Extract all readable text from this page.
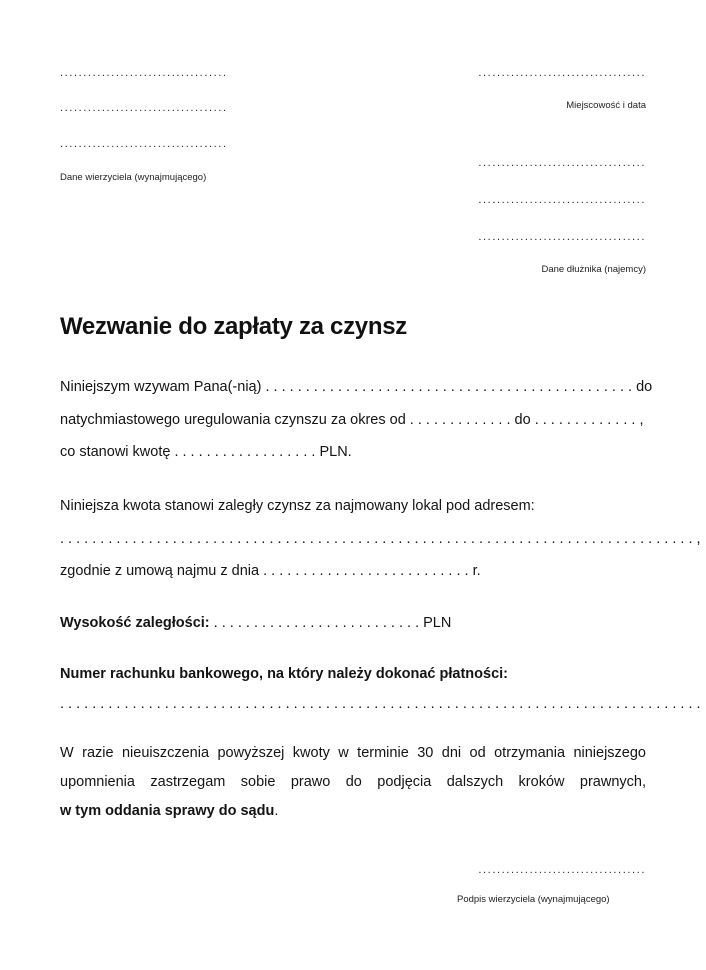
....................................
....................................
....................................
Dane wierzyciela (wynajmującego)
....................................
Miejscowość i data
....................................
....................................
....................................
Dane dłużnika (najemcy)
Wezwanie do zapłaty za czynsz
Niniejszym wzywam Pana(-nią) . . . . . . . . . . . . . . . . . . . . . . . . . . . . . . . . . . . . . . . . . . . . . . do
natychmiastowego uregulowania czynszu za okres od . . . . . . . . . . . . . do . . . . . . . . . . . . . ,
co stanowi kwotę . . . . . . . . . . . . . . . . . . PLN.
Niniejsza kwota stanowi zaległy czynsz za najmowany lokal pod adresem:
. . . . . . . . . . . . . . . . . . . . . . . . . . . . . . . . . . . . . . . . . . . . . . . . . . . . . . . . . . . . . . . . . . . . . . . . . . . . . . . ,
zgodnie z umową najmu z dnia . . . . . . . . . . . . . . . . . . . . . . . . . . r.
Wysokość zaległości: . . . . . . . . . . . . . . . . . . . . . . . . . . PLN
Numer rachunku bankowego, na który należy dokonać płatności:
. . . . . . . . . . . . . . . . . . . . . . . . . . . . . . . . . . . . . . . . . . . . . . . . . . . . . . . . . . . . . . . . . . . . . . . . . . . . . . . .
W razie nieuiszczenia powyższej kwoty w terminie 30 dni od otrzymania niniejszego
upomnienia zastrzegam sobie prawo do podjęcia dalszych kroków prawnych,
w tym oddania sprawy do sądu.
....................................
Podpis wierzyciela (wynajmującego)
